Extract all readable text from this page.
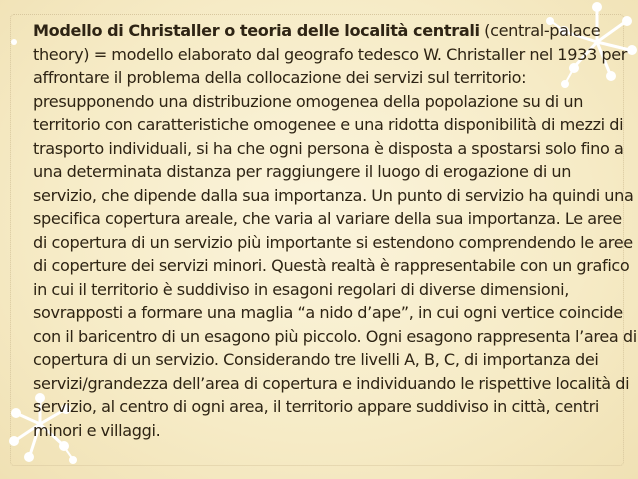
Modello di Christaller o teoria delle località centrali (central-palace theory) = modello elaborato dal geografo tedesco W. Christaller nel 1933 per affrontare il problema della collocazione dei servizi sul territorio: presupponendo una distribuzione omogenea della popolazione su di un territorio con caratteristiche omogenee e una ridotta disponibilità di mezzi di trasporto individuali, si ha che ogni persona è disposta a spostarsi solo fino a una determinata distanza per raggiungere il luogo di erogazione di un servizio, che dipende dalla sua importanza. Un punto di servizio ha quindi una specifica copertura areale, che varia al variare della sua importanza. Le aree di copertura di un servizio più importante si estendono comprendendo le aree di coperture dei servizi minori. Questà realtà è rappresentabile con un grafico in cui il territorio è suddiviso in esagoni regolari di diverse dimensioni, sovrapposti a formare una maglia “a nido d’ape”, in cui ogni vertice coincide con il baricentro di un esagono più piccolo. Ogni esagono rappresenta l’area di copertura di un servizio. Considerando tre livelli A, B, C, di importanza dei servizi/grandezza dell’area di copertura e individuando le rispettive località di servizio, al centro di ogni area, il territorio appare suddiviso in città, centri minori e villaggi.
